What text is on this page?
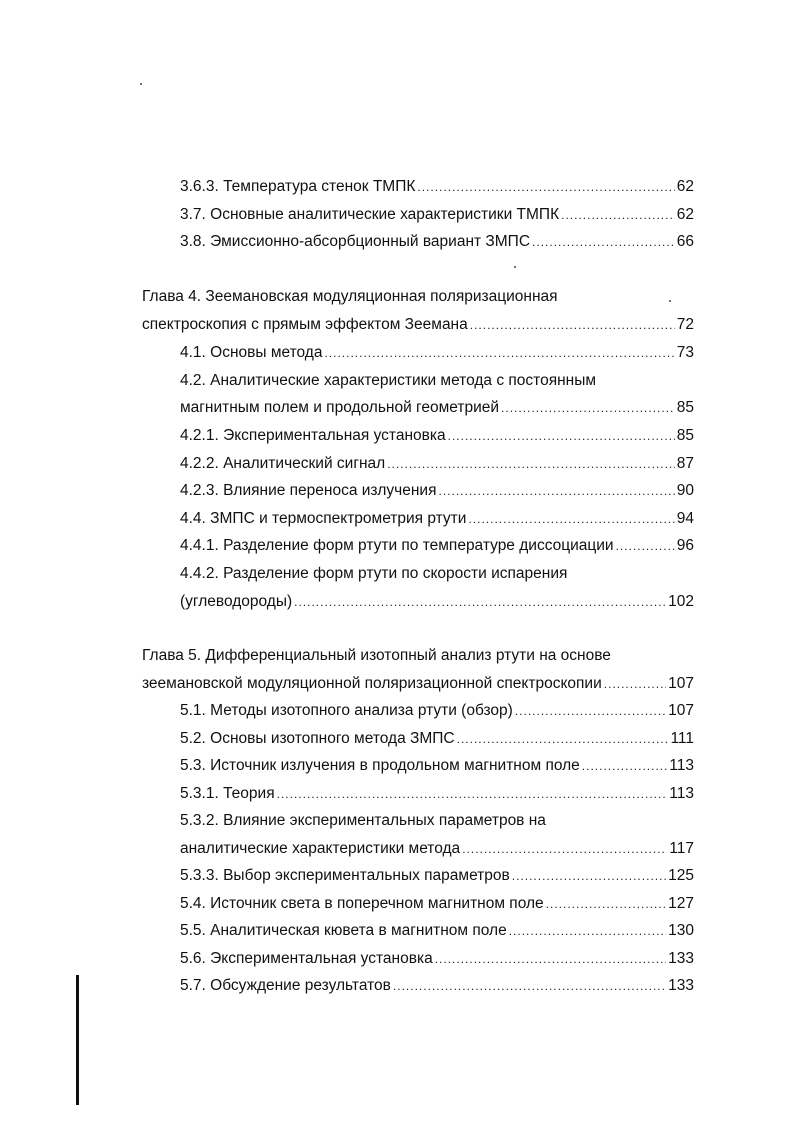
3.6.3. Температура стенок ТМПК .....	62
3.7. Основные аналитические характеристики ТМПК .....	62
3.8. Эмиссионно-абсорбционный вариант ЗМПС .....	66
Глава 4. Зеемановская модуляционная поляризационная
спектроскопия с прямым эффектом Зеемана .....	72
4.1. Основы метода .....	73
4.2. Аналитические характеристики метода с постоянным
магнитным полем и продольной геометрией .....	85
4.2.1. Экспериментальная установка .....	85
4.2.2. Аналитический сигнал .....	87
4.2.3. Влияние переноса излучения .....	90
4.4. ЗМПС и термоспектрометрия ртути .....	94
4.4.1. Разделение форм ртути по температуре диссоциации .....	96
4.4.2. Разделение форм ртути по скорости испарения
(углеводороды) .....	102
Глава 5. Дифференциальный изотопный анализ ртути на основе
зеемановской модуляционной поляризационной спектроскопии .....	107
5.1. Методы изотопного анализа ртути (обзор) .....	107
5.2. Основы изотопного метода ЗМПС .....	111
5.3. Источник излучения в продольном магнитном поле .....	113
5.3.1. Теория .....	113
5.3.2. Влияние экспериментальных параметров на
аналитические характеристики метода .....	117
5.3.3. Выбор экспериментальных параметров .....	125
5.4. Источник света в поперечном магнитном поле .....	127
5.5. Аналитическая кювета в магнитном поле .....	130
5.6. Экспериментальная установка .....	133
5.7. Обсуждение результатов .....	133
